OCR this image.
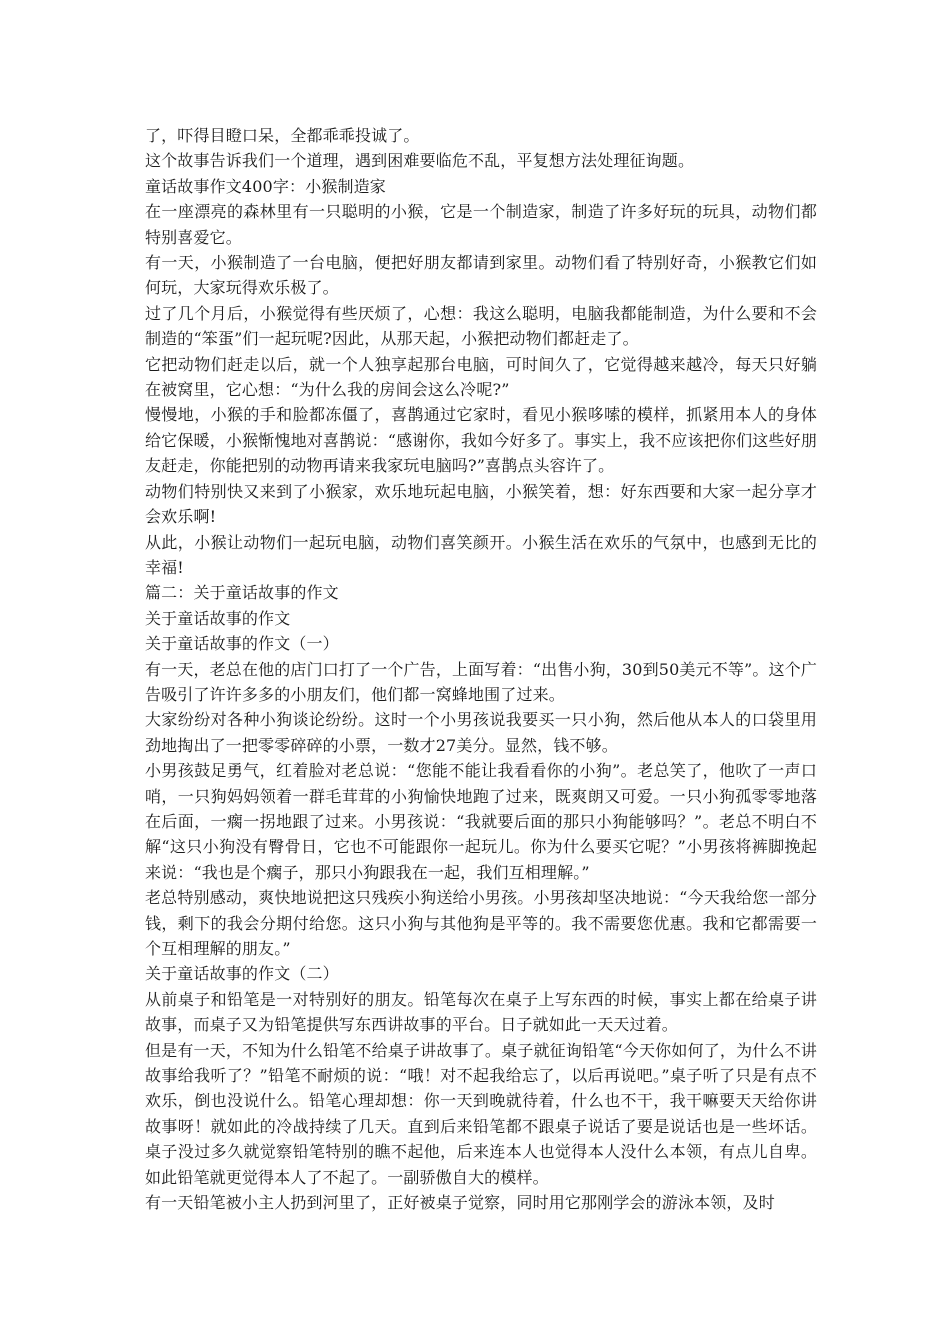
了，吓得目瞪口呆，全都乖乖投诚了。

这个故事告诉我们一个道理，遇到困难要临危不乱，平复想方法处理征询题。

童话故事作文400字：小猴制造家

在一座漂亮的森林里有一只聪明的小猴，它是一个制造家，制造了许多好玩的玩具，动物们都特别喜爱它。

有一天，小猴制造了一台电脑，便把好朋友都请到家里。动物们看了特别好奇，小猴教它们如何玩，大家玩得欢乐极了。

过了几个月后，小猴觉得有些厌烦了，心想：我这么聪明，电脑我都能制造，为什么要和不会制造的“笨蛋”们一起玩呢?因此，从那天起，小猴把动物们都赶走了。

它把动物们赶走以后，就一个人独享起那台电脑，可时间久了，它觉得越来越冷，每天只好躺在被窝里，它心想：“为什么我的房间会这么冷呢?”

慢慢地，小猴的手和脸都冻僵了，喜鹊通过它家时，看见小猴哆嗦的模样，抓紧用本人的身体给它保暖，小猴惭愧地对喜鹊说：“感谢你，我如今好多了。事实上，我不应该把你们这些好朋友赶走，你能把别的动物再请来我家玩电脑吗?”喜鹊点头容许了。

动物们特别快又来到了小猴家，欢乐地玩起电脑，小猴笑着，想：好东西要和大家一起分享才会欢乐啊!

从此，小猴让动物们一起玩电脑，动物们喜笑颜开。小猴生活在欢乐的气氛中，也感到无比的幸福!

篇二：关于童话故事的作文

关于童话故事的作文

关于童话故事的作文（一）

有一天，老总在他的店门口打了一个广告，上面写着：“出售小狗，30到50美元不等”。这个广告吸引了许许多多的小朋友们，他们都一窝蜂地围了过来。

大家纷纷对各种小狗谈论纷纷。这时一个小男孩说我要买一只小狗，然后他从本人的口袋里用劲地掏出了一把零零碎碎的小票，一数才27美分。显然，钱不够。

小男孩鼓足勇气，红着脸对老总说：“您能不能让我看看你的小狗”。老总笑了，他吹了一声口哨，一只狗妈妈领着一群毛茸茸的小狗愉快地跑了过来，既爽朗又可爱。一只小狗孤零零地落在后面，一瘸一拐地跟了过来。小男孩说：“我就要后面的那只小狗能够吗？”。老总不明白不解“这只小狗没有臀骨日，它也不可能跟你一起玩儿。你为什么要买它呢？”小男孩将裤脚挽起来说：“我也是个瘸子，那只小狗跟我在一起，我们互相理解。”

老总特别感动，爽快地说把这只残疾小狗送给小男孩。小男孩却坚决地说：“今天我给您一部分钱，剩下的我会分期付给您。这只小狗与其他狗是平等的。我不需要您优惠。我和它都需要一个互相理解的朋友。”

关于童话故事的作文（二）

从前桌子和铅笔是一对特别好的朋友。铅笔每次在桌子上写东西的时候，事实上都在给桌子讲故事，而桌子又为铅笔提供写东西讲故事的平台。日子就如此一天天过着。

但是有一天，不知为什么铅笔不给桌子讲故事了。桌子就征询铅笔“今天你如何了，为什么不讲故事给我听了？”铅笔不耐烦的说：“哦！对不起我给忘了，以后再说吧。”桌子听了只是有点不欢乐，倒也没说什么。铅笔心理却想：你一天到晚就待着，什么也不干，我干嘛要天天给你讲故事呀！就如此的冷战持续了几天。直到后来铅笔都不跟桌子说话了要是说话也是一些坏话。桌子没过多久就觉察铅笔特别的瞧不起他，后来连本人也觉得本人没什么本领，有点儿自卑。如此铅笔就更觉得本人了不起了。一副骄傲自大的模样。

有一天铅笔被小主人扔到河里了，正好被桌子觉察，同时用它那刚学会的游泳本领，及时
